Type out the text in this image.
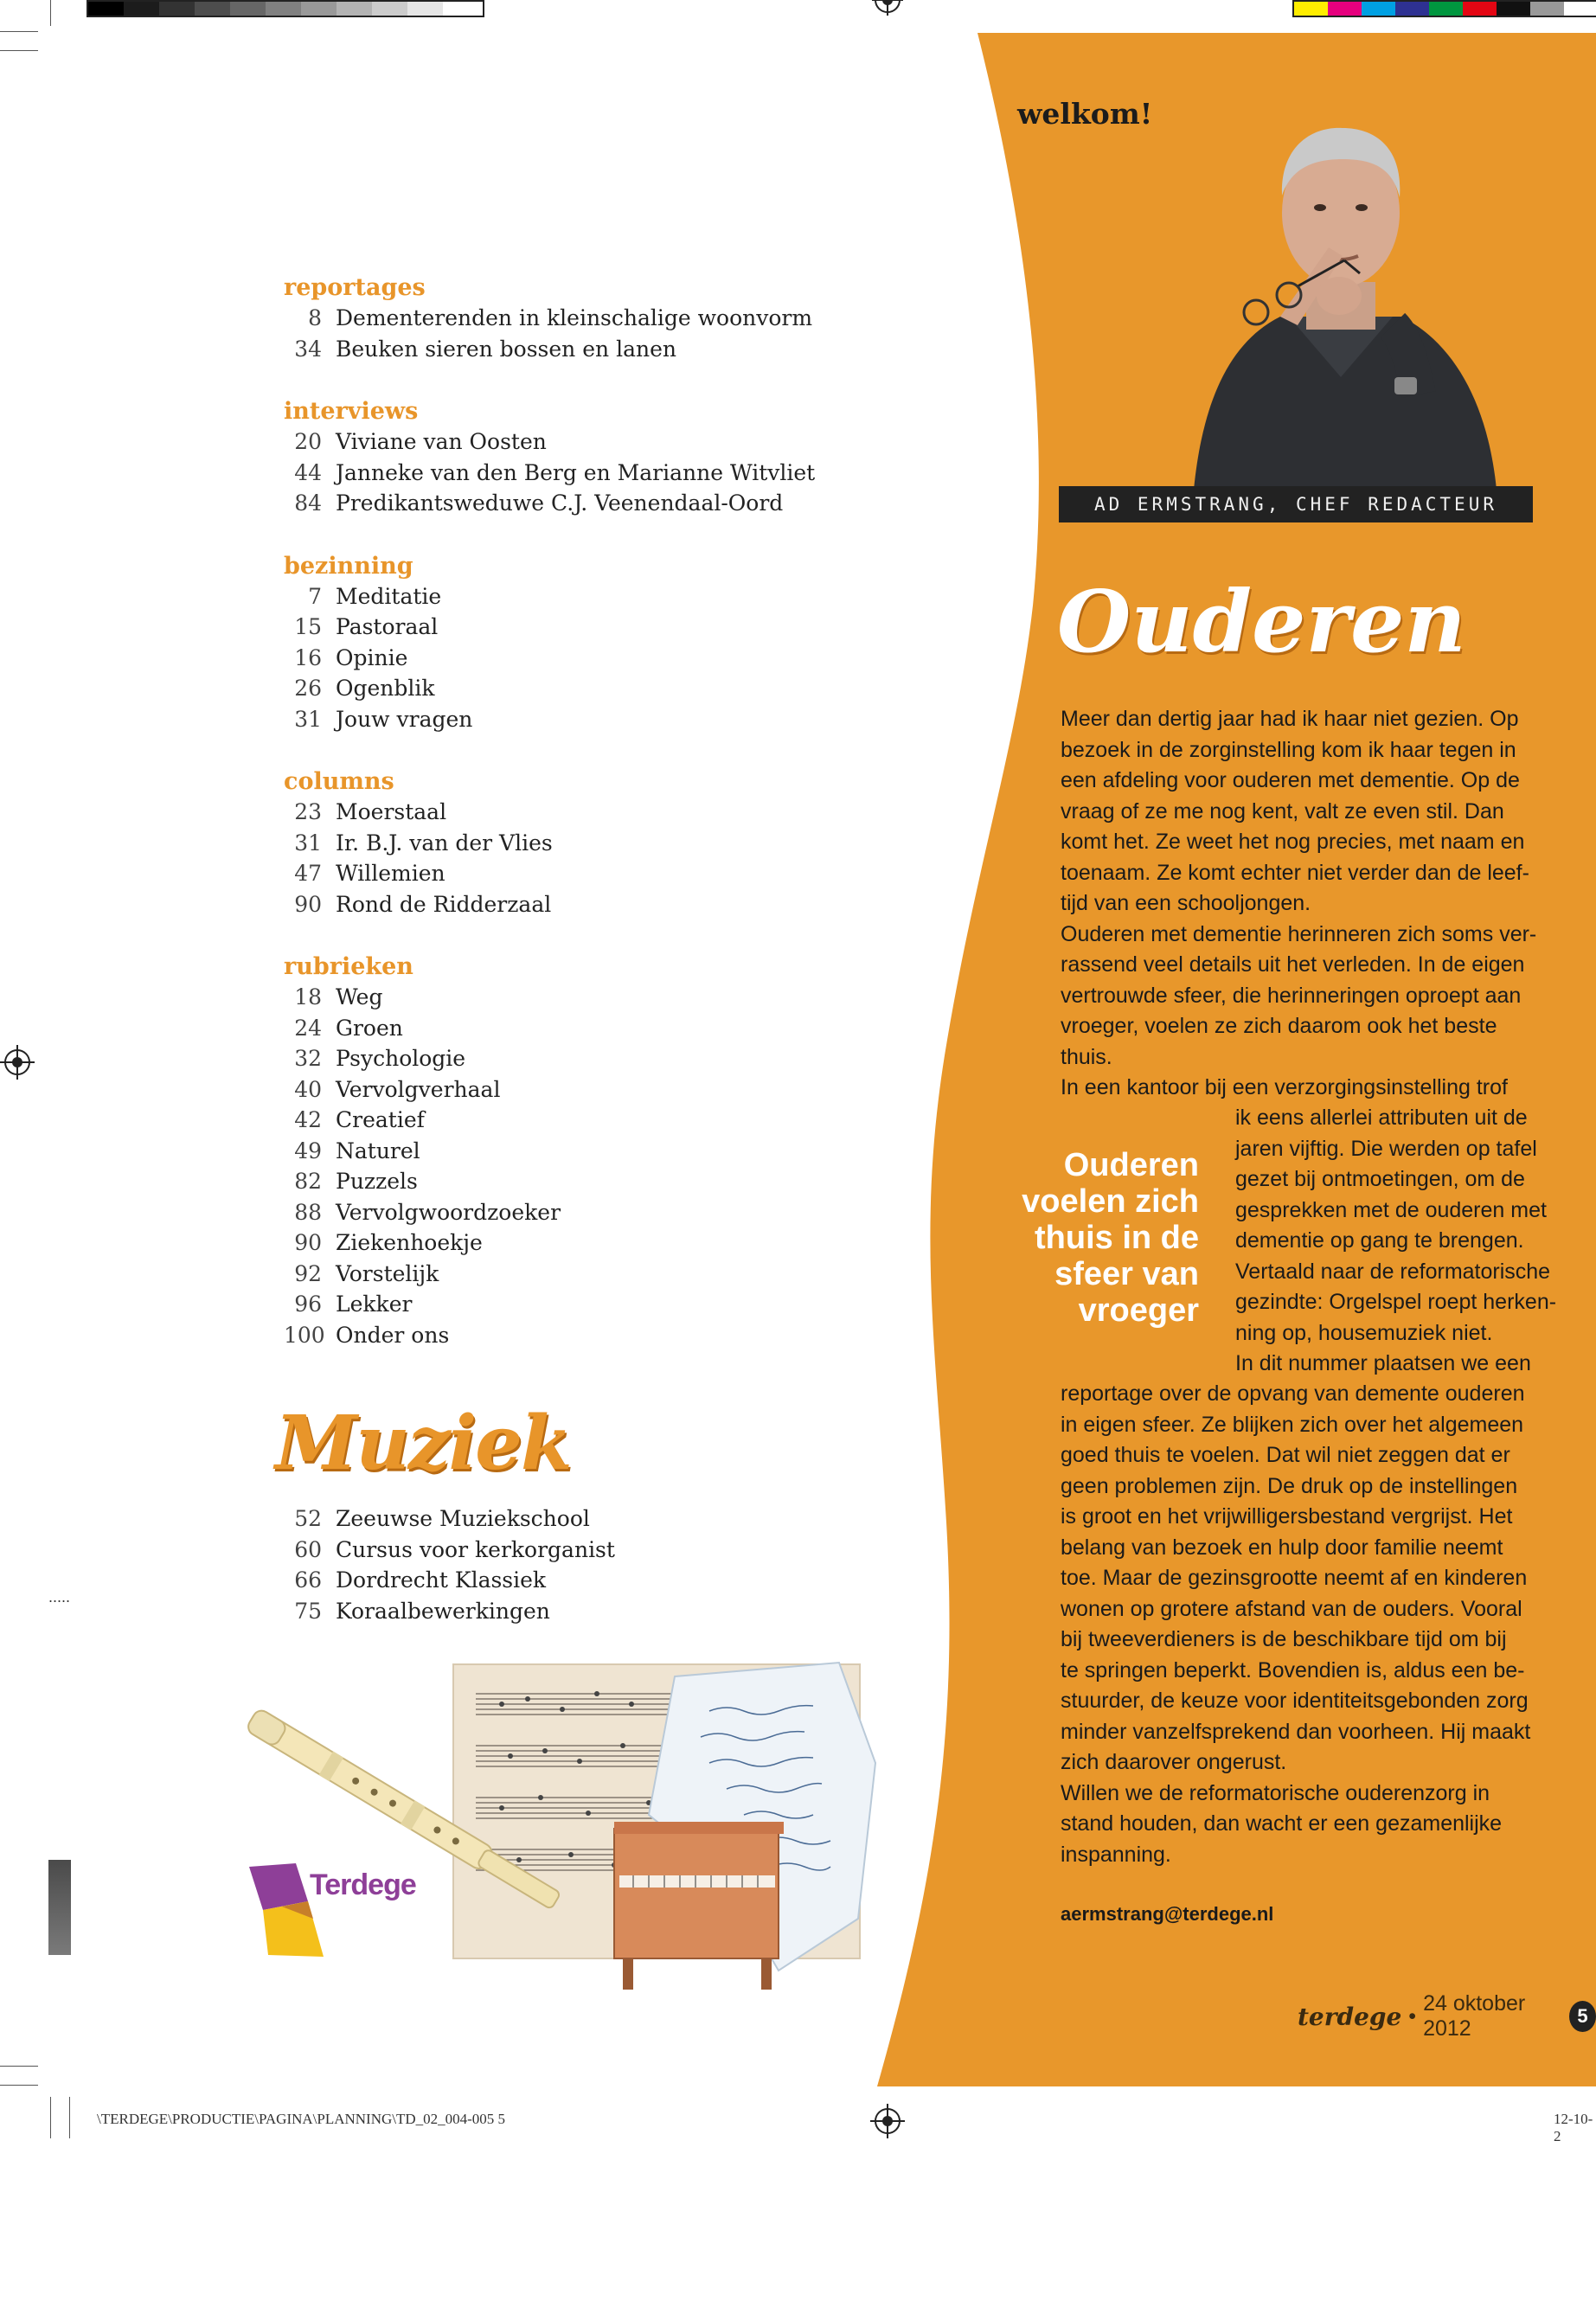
.....
welkom!
AD ERMSTRANG, CHEF REDACTEUR
Ouderen
Meer dan dertig jaar had ik haar niet gezien. Op
bezoek in de zorginstelling kom ik haar tegen in
een afdeling voor ouderen met dementie. Op de
vraag of ze me nog kent, valt ze even stil. Dan
komt het. Ze weet het nog precies, met naam en
toenaam. Ze komt echter niet verder dan de leef-
tijd van een schooljongen.
Ouderen met dementie herinneren zich soms ver-
rassend veel details uit het verleden. In de eigen
vertrouwde sfeer, die herinneringen oproept aan
vroeger, voelen ze zich daarom ook het beste
thuis.
In een kantoor bij een verzorgingsinstelling trof
Ouderen
voelen zich
thuis in de
sfeer van
vroeger
ik eens allerlei attributen uit de
jaren vijftig. Die werden op tafel
gezet bij ontmoetingen, om de
gesprekken met de ouderen met
dementie op gang te brengen.
Vertaald naar de reformatorische
gezindte: Orgelspel roept herken-
ning op, housemuziek niet.
In dit nummer plaatsen we een
reportage over de opvang van demente ouderen
in eigen sfeer. Ze blijken zich over het algemeen
goed thuis te voelen. Dat wil niet zeggen dat er
geen problemen zijn. De druk op de instellingen
is groot en het vrijwilligersbestand vergrijst. Het
belang van bezoek en hulp door familie neemt
toe. Maar de gezinsgrootte neemt af en kinderen
wonen op grotere afstand van de ouders. Vooral
bij tweeverdieners is de beschikbare tijd om bij
te springen beperkt. Bovendien is, aldus een be-
stuurder, de keuze voor identiteitsgebonden zorg
minder vanzelfsprekend dan voorheen. Hij maakt
zich daarover ongerust.
Willen we de reformatorische ouderenzorg in
stand houden, dan wacht er een gezamenlijke
inspanning.
aermstrang@terdege.nl
terdege •
24 oktober 2012
5
reportages
8 Dementerenden in kleinschalige woonvorm
34 Beuken sieren bossen en lanen
interviews
20 Viviane van Oosten
44 Janneke van den Berg en Marianne Witvliet
84 Predikantsweduwe C.J. Veenendaal-Oord
bezinning
7 Meditatie
15 Pastoraal
16 Opinie
26 Ogenblik
31 Jouw vragen
columns
23 Moerstaal
31 Ir. B.J. van der Vlies
47 Willemien
90 Rond de Ridderzaal
rubrieken
18 Weg
24 Groen
32 Psychologie
40 Vervolgverhaal
42 Creatief
49 Naturel
82 Puzzels
88 Vervolgwoordzoeker
90 Ziekenhoekje
92 Vorstelijk
96 Lekker
100 Onder ons
Muziek
52 Zeeuwse Muziekschool
60 Cursus voor kerkorganist
66 Dordrecht Klassiek
75 Koraalbewerkingen
Terdege
\TERDEGE\PRODUCTIE\PAGINA\PLANNING\TD_02_004-005 5	12-10-2
